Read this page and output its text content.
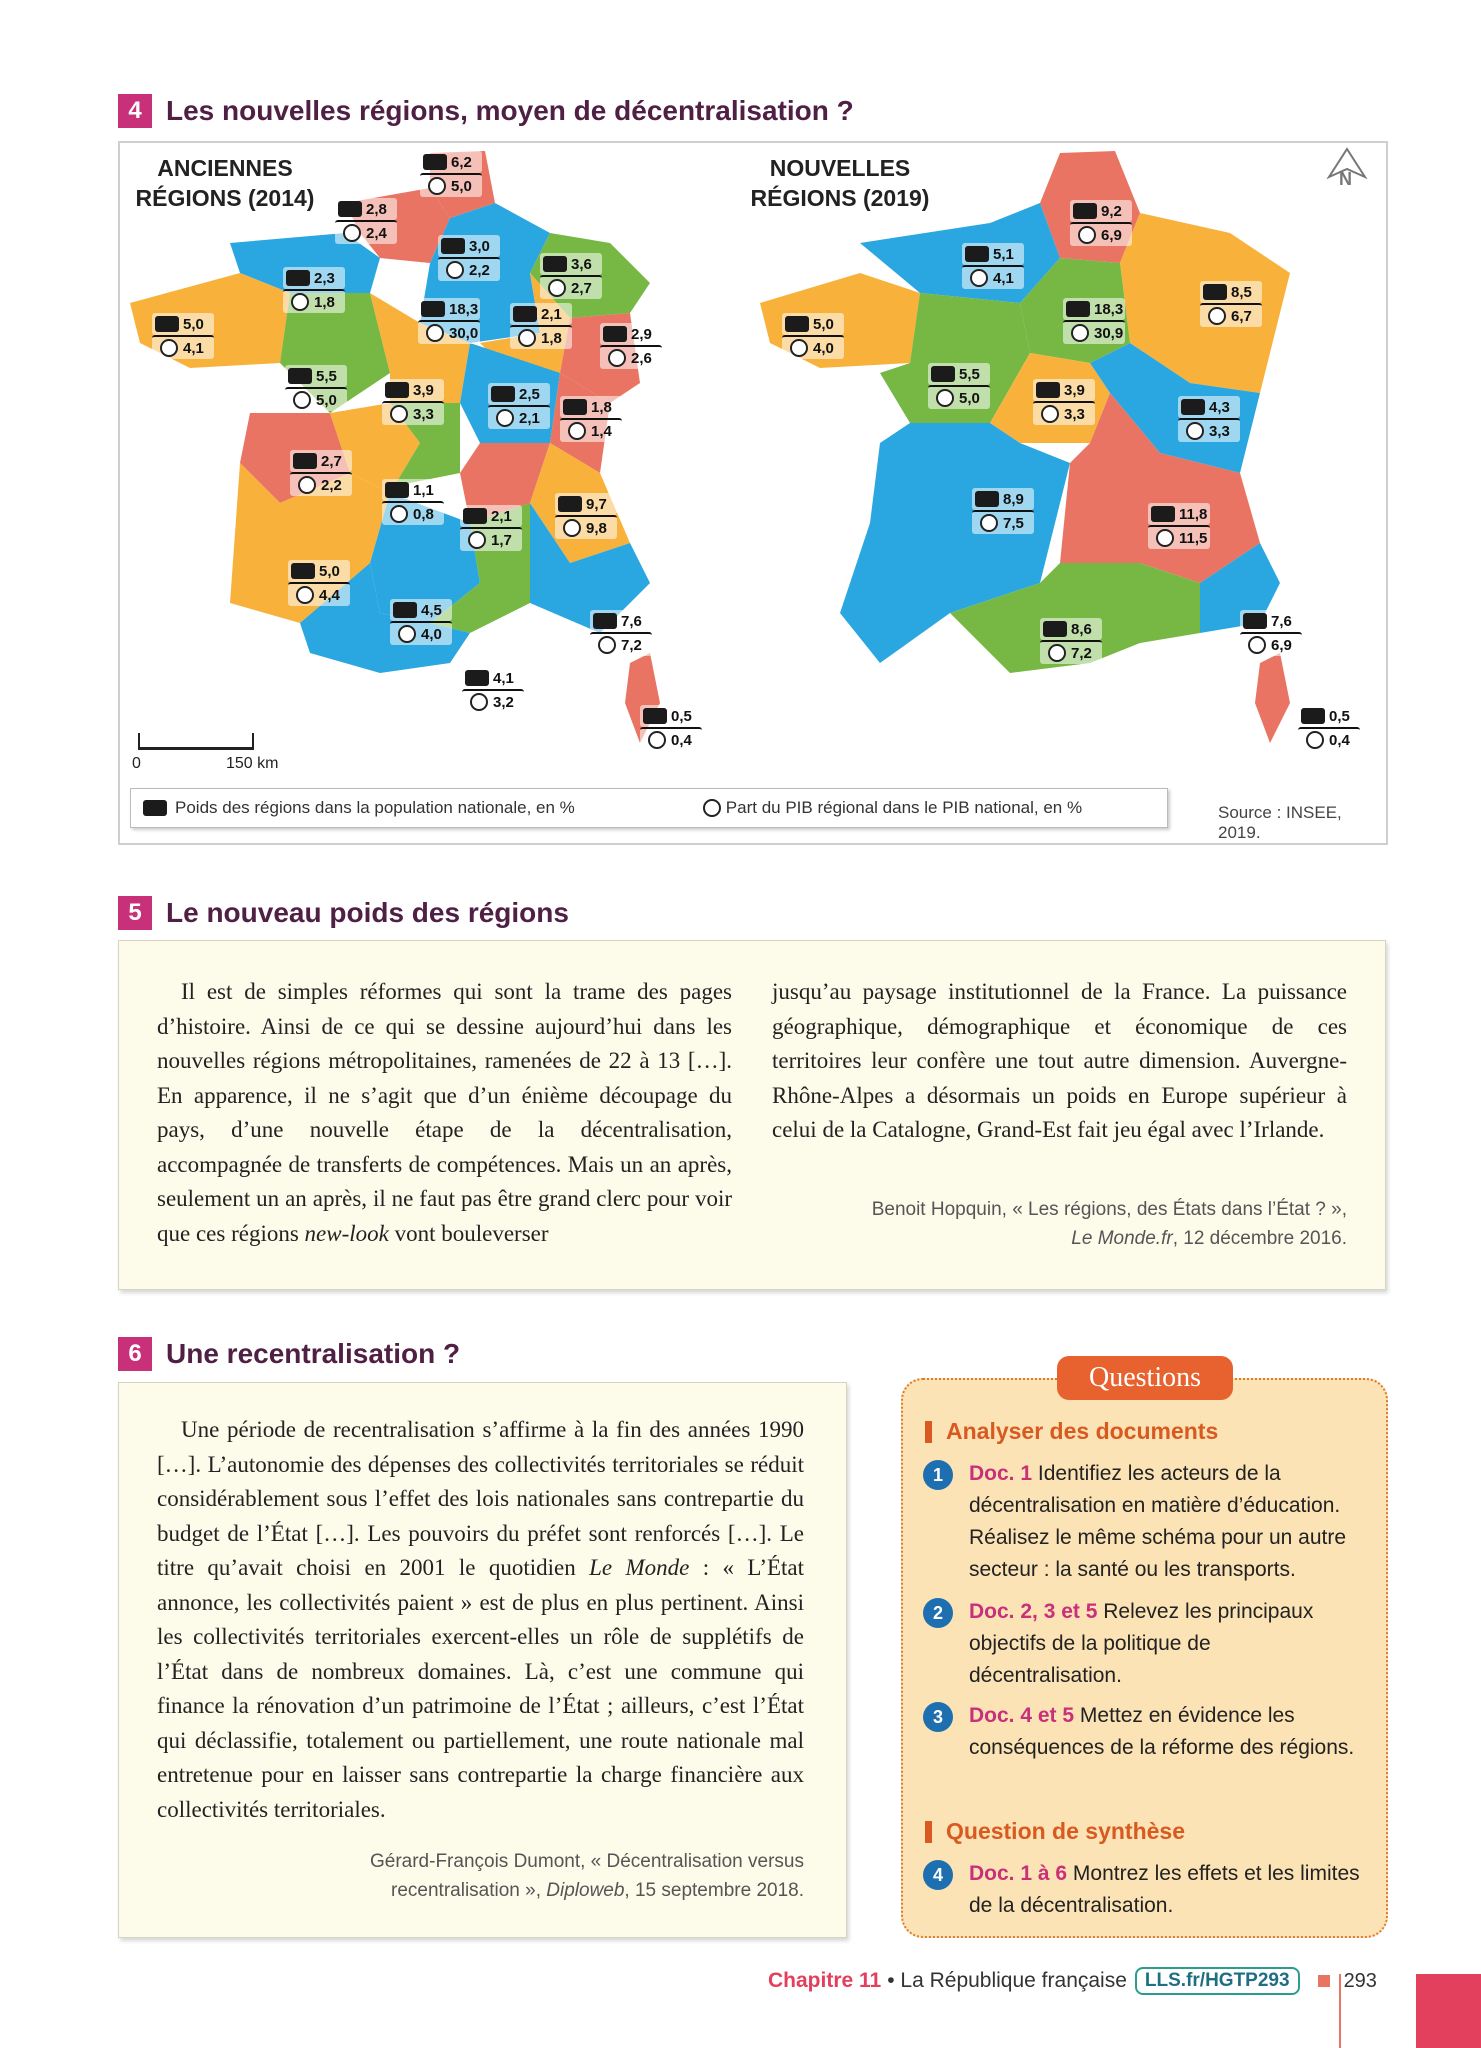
4 Les nouvelles régions, moyen de décentralisation ?
ANCIENNES
RÉGIONS (2014)
NOUVELLES
RÉGIONS (2019)
N
0	150 km
6,2
5,0
2,8
2,4
3,0
2,2
2,3
1,8
3,6
2,7
5,0
4,1
18,3
30,0
2,1
1,8	2,9
2,6
5,5
5,0
3,9
3,3
2,5
2,1
1,8
1,4
2,7
2,2	1,1
0,8	2,1
1,7
9,7
9,8
5,0
4,4
4,5
4,0
7,6
7,2
4,1
3,2
0,5
0,4
9,2
6,9
5,1
4,1
18,3
30,9
8,5
6,7
5,0
4,0
5,5
5,0	3,9
3,3	4,3
3,3
8,9
7,5
11,8
11,5
7,6
6,9
8,6
7,2
0,5
0,4
Poids des régions dans la population nationale, en %	Part du PIB régional dans le PIB national, en %	Source : INSEE, 2019.
5 Le nouveau poids des régions
Il est de simples réformes qui sont la trame des pages d’histoire. Ainsi de ce qui se dessine aujourd’hui dans les nouvelles régions métropolitaines, ramenées de 22 à 13 […]. En apparence, il ne s’agit que d’un énième découpage du pays, d’une nouvelle étape de la décentralisation, accompagnée de transferts de compétences. Mais un an après, seulement un an après, il ne faut pas être grand clerc pour voir que ces régions new-look vont bouleverser
jusqu’au paysage institutionnel de la France. La puissance géographique, démographique et économique de ces territoires leur confère une tout autre dimension. Auvergne-Rhône-Alpes a désormais un poids en Europe supérieur à celui de la Catalogne, Grand-Est fait jeu égal avec l’Irlande.
Benoit Hopquin, « Les régions, des États dans l’État ? »,
Le Monde.fr, 12 décembre 2016.
6 Une recentralisation ?
Une période de recentralisation s’affirme à la fin des années 1990 […]. L’autonomie des dépenses des collectivités territoriales se réduit considérablement sous l’effet des lois nationales sans contrepartie du budget de l’État […]. Les pouvoirs du préfet sont renforcés […]. Le titre qu’avait choisi en 2001 le quotidien Le Monde : « L’État annonce, les collectivités paient » est de plus en plus pertinent. Ainsi les collectivités territoriales exercent-elles un rôle de supplétifs de l’État dans de nombreux domaines. Là, c’est une commune qui finance la rénovation d’un patrimoine de l’État ; ailleurs, c’est l’État qui déclassifie, totalement ou partiellement, une route nationale mal entretenue pour en laisser sans contrepartie la charge financière aux collectivités territoriales.
Gérard-François Dumont, « Décentralisation versus
recentralisation », Diploweb, 15 septembre 2018.
Questions
Analyser des documents
1	Doc. 1 Identifiez les acteurs de la décentralisation en matière d’éducation. Réalisez le même schéma pour un autre secteur : la santé ou les transports.
2	Doc. 2, 3 et 5 Relevez les principaux objectifs de la politique de décentralisation.
3	Doc. 4 et 5 Mettez en évidence les conséquences de la réforme des régions.
Question de synthèse
4	Doc. 1 à 6 Montrez les effets et les limites de la décentralisation.
Chapitre 11 • La République française LLS.fr/HGTP293	293
